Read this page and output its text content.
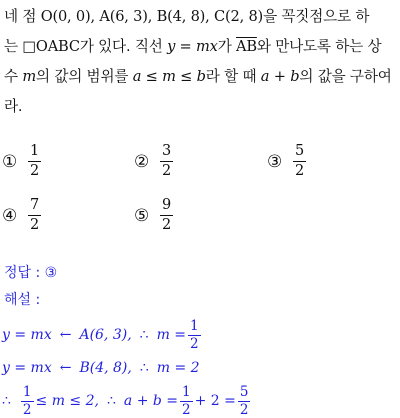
네 점 O(0, 0), A(6, 3), B(4, 8), C(2, 8)을 꼭짓점으로 하
는 □OABC가 있다. 직선 y = mx가 $\overline{AB}$와 만나도록 하는 상
수 m의 값의 범위를 a ≤ m ≤ b라 할 때 a + b의 값을 구하여
라.
① $\frac{1}{2}$	② $\frac{3}{2}$	③ $\frac{5}{2}$
④ $\frac{7}{2}$	⑤ $\frac{9}{2}$
정답 : ③
해설 :
y = mx ← A(6, 3), ∴ $m = \frac{1}{2}$
y = mx ← B(4, 8), ∴ m = 2
∴ $\frac{1}{2} \le m \le 2$, ∴ $a + b = \frac{1}{2} + 2 = \frac{5}{2}$
